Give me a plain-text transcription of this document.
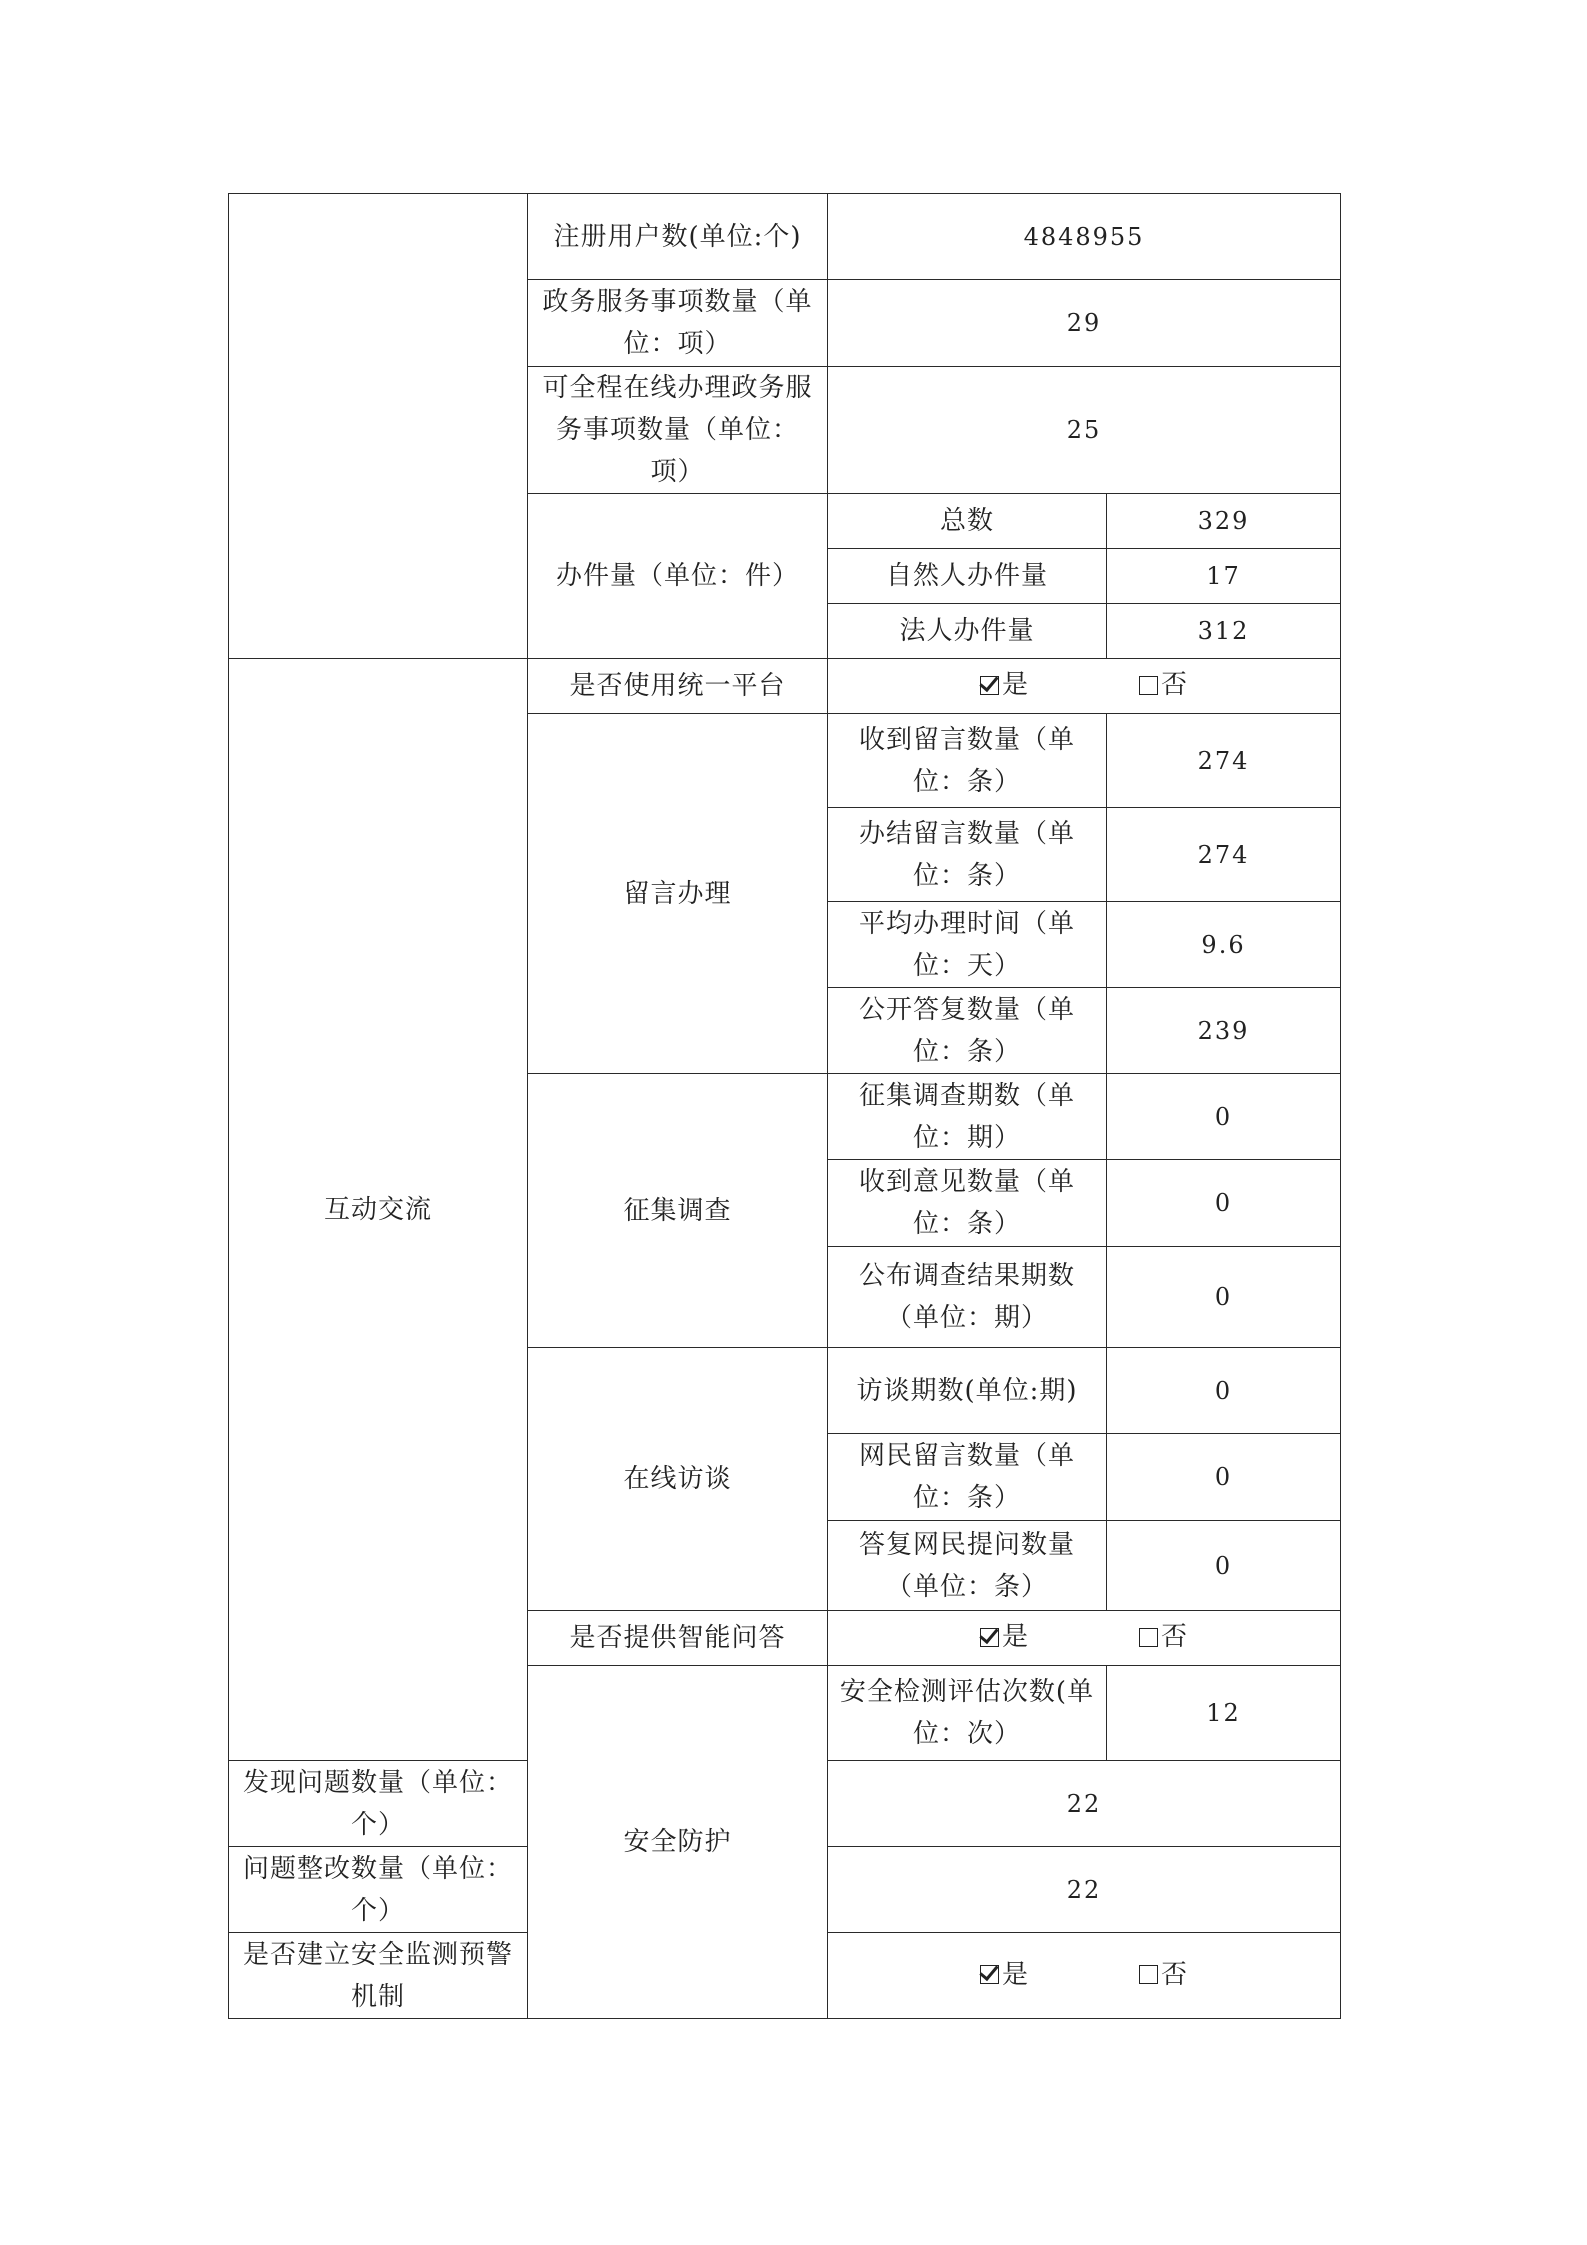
	注册用户数(单位:个)	4848955	
	政务服务事项数量（单位：项）	29	
	可全程在线办理政务服务事项数量（单位：项）	25	
	办件量（单位：件）	总数	329
		自然人办件量	17
		法人办件量	312
互动交流	是否使用统一平台	是 否	

	留言办理	收到留言数量（单位：条）	274
		办结留言数量（单位：条）	274
		平均办理时间（单位：天）	9.6
		公开答复数量（单位：条）	239
	征集调查	征集调查期数（单位：期）	0
		收到意见数量（单位：条）	0
		公布调查结果期数（单位：期）	0
	在线访谈	访谈期数(单位:期)	0
		网民留言数量（单位：条）	0
		答复网民提问数量（单位：条）	0
	是否提供智能问答	是 否	

	安全防护	安全检测评估次数(单位：次）	12
发现问题数量（单位：个）		22	
问题整改数量（单位：个）		22	
是否建立安全监测预警机制		是 否	
